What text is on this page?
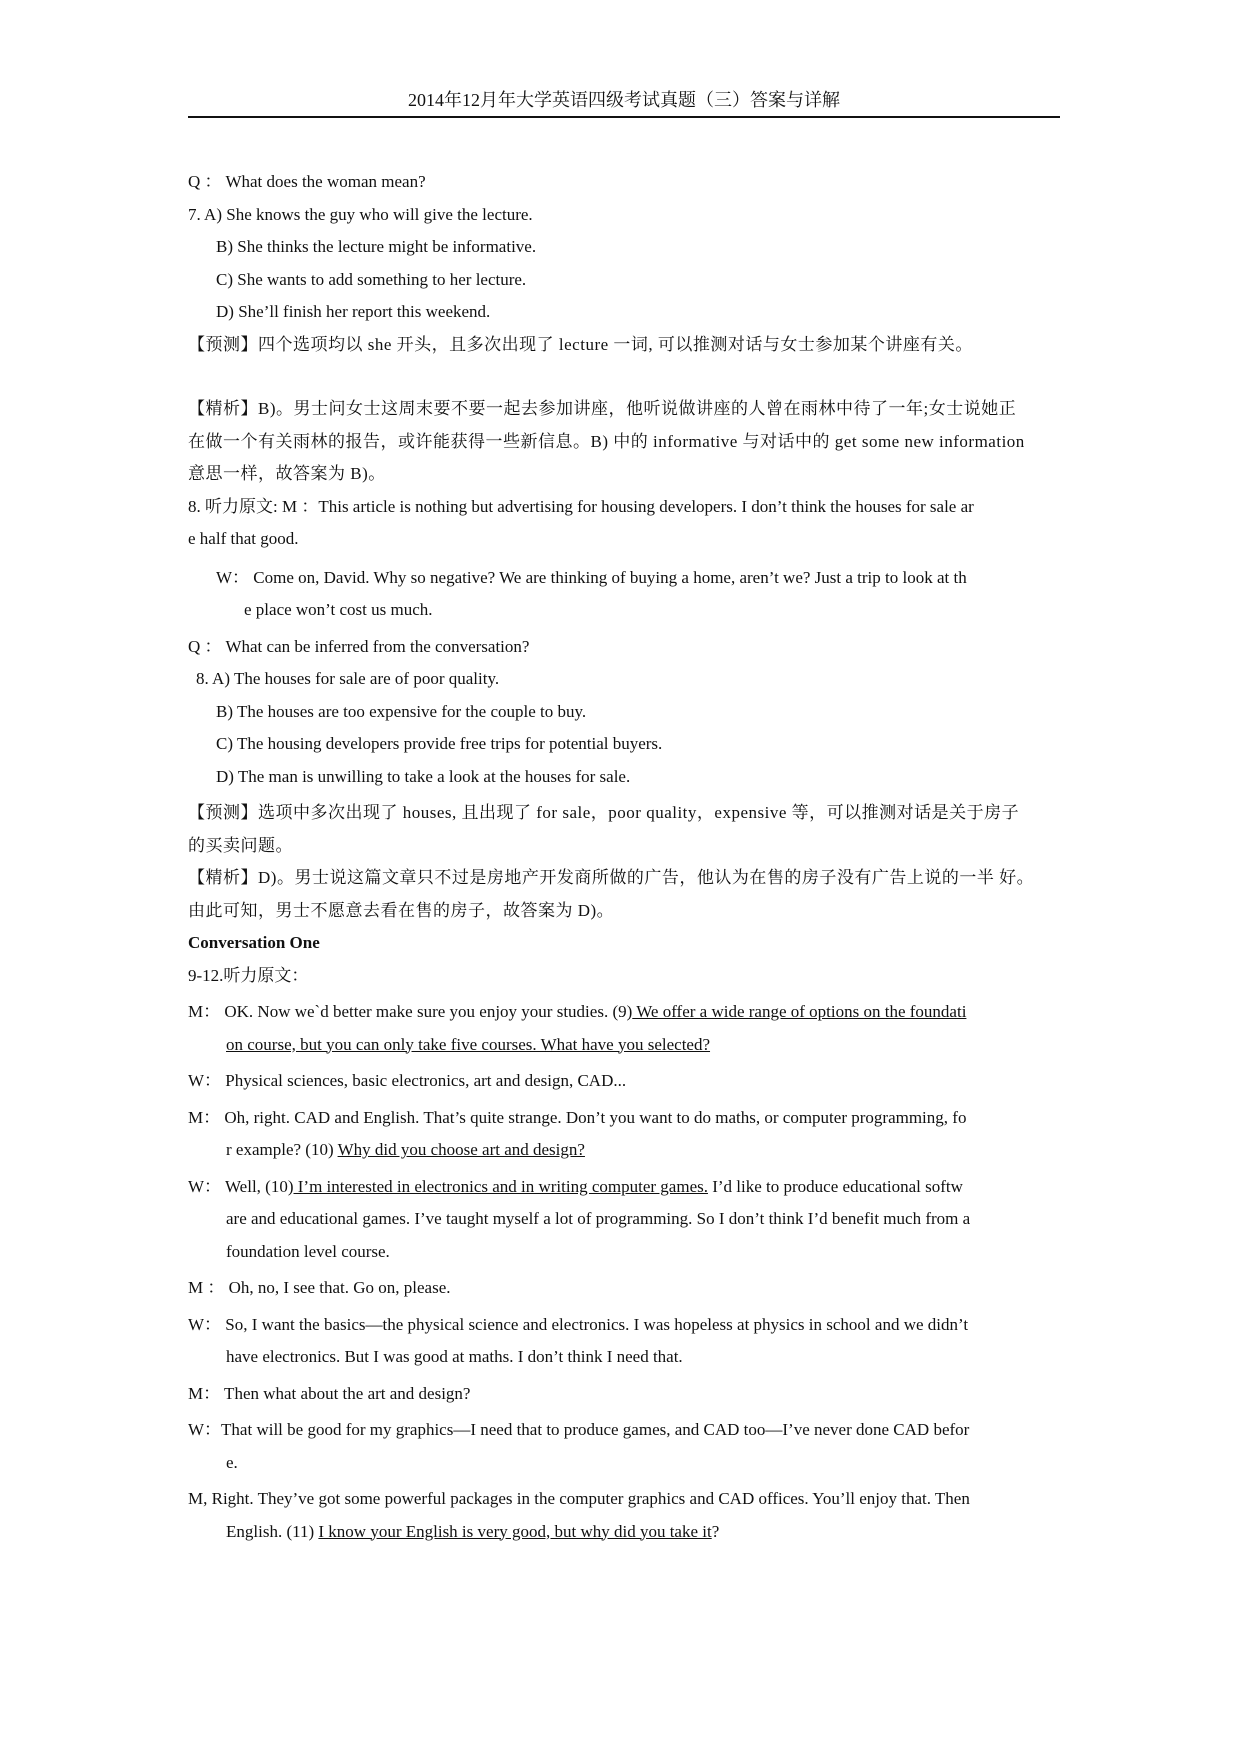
2014年12月年大学英语四级考试真题（三）答案与详解
Q ： What does the woman mean?
7. A) She knows the guy who will give the lecture.
B) She thinks the lecture might be informative.
C) She wants to add something to her lecture.
D) She’ll finish her report this weekend.
【预测】四个选项均以 she 开头，且多次出现了 lecture 一词, 可以推测对话与女士参加某个讲座有关。
【精析】B)。男士问女士这周末要不要一起去参加讲座，他听说做讲座的人曾在雨林中待了一年;女士说她正
在做一个有关雨林的报告，或许能获得一些新信息。B) 中的 informative 与对话中的 get some new information
意思一样，故答案为 B)。
8. 听力原文: M ：This article is nothing but advertising for housing developers. I don’t think the houses for sale ar
e half that good.
W： Come on, David. Why so negative? We are thinking of buying a home, aren’t we? Just a trip to look at th
e place won’t cost us much.
Q ： What can be inferred from the conversation?
8. A) The houses for sale are of poor quality.
B) The houses are too expensive for the couple to buy.
C) The housing developers provide free trips for potential buyers.
D) The man is unwilling to take a look at the houses for sale.
【预测】选项中多次出现了 houses, 且出现了 for sale，poor quality，expensive 等，可以推测对话是关于房子
的买卖问题。
【精析】D)。男士说这篇文章只不过是房地产开发商所做的广告，他认为在售的房子没有广告上说的一半 好。
由此可知，男士不愿意去看在售的房子，故答案为 D)。
Conversation One
9-12.听力原文：
M： OK. Now we`d better make sure you enjoy your studies. (9) We offer a wide range of options on the foundati
on course, but you can only take five courses. What have you selected?
W： Physical sciences, basic electronics, art and design, CAD...
M： Oh, right. CAD and English. That’s quite strange. Don’t you want to do maths, or computer programming, fo
r example? (10) Why did you choose art and design?
W： Well, (10) I’m interested in electronics and in writing computer games. I’d like to produce educational softw
are and educational games. I’ve taught myself a lot of programming. So I don’t think I’d benefit much from a
foundation level course.
M ： Oh, no, I see that. Go on, please.
W： So, I want the basics—the physical science and electronics. I was hopeless at physics in school and we didn’t
have electronics. But I was good at maths. I don’t think I need that.
M： Then what about the art and design?
W：That will be good for my graphics—I need that to produce games, and CAD too—I’ve never done CAD befor
e.
M, Right. They’ve got some powerful packages in the computer graphics and CAD offices. You’ll enjoy that. Then
English. (11) I know your English is very good, but why did you take it?
